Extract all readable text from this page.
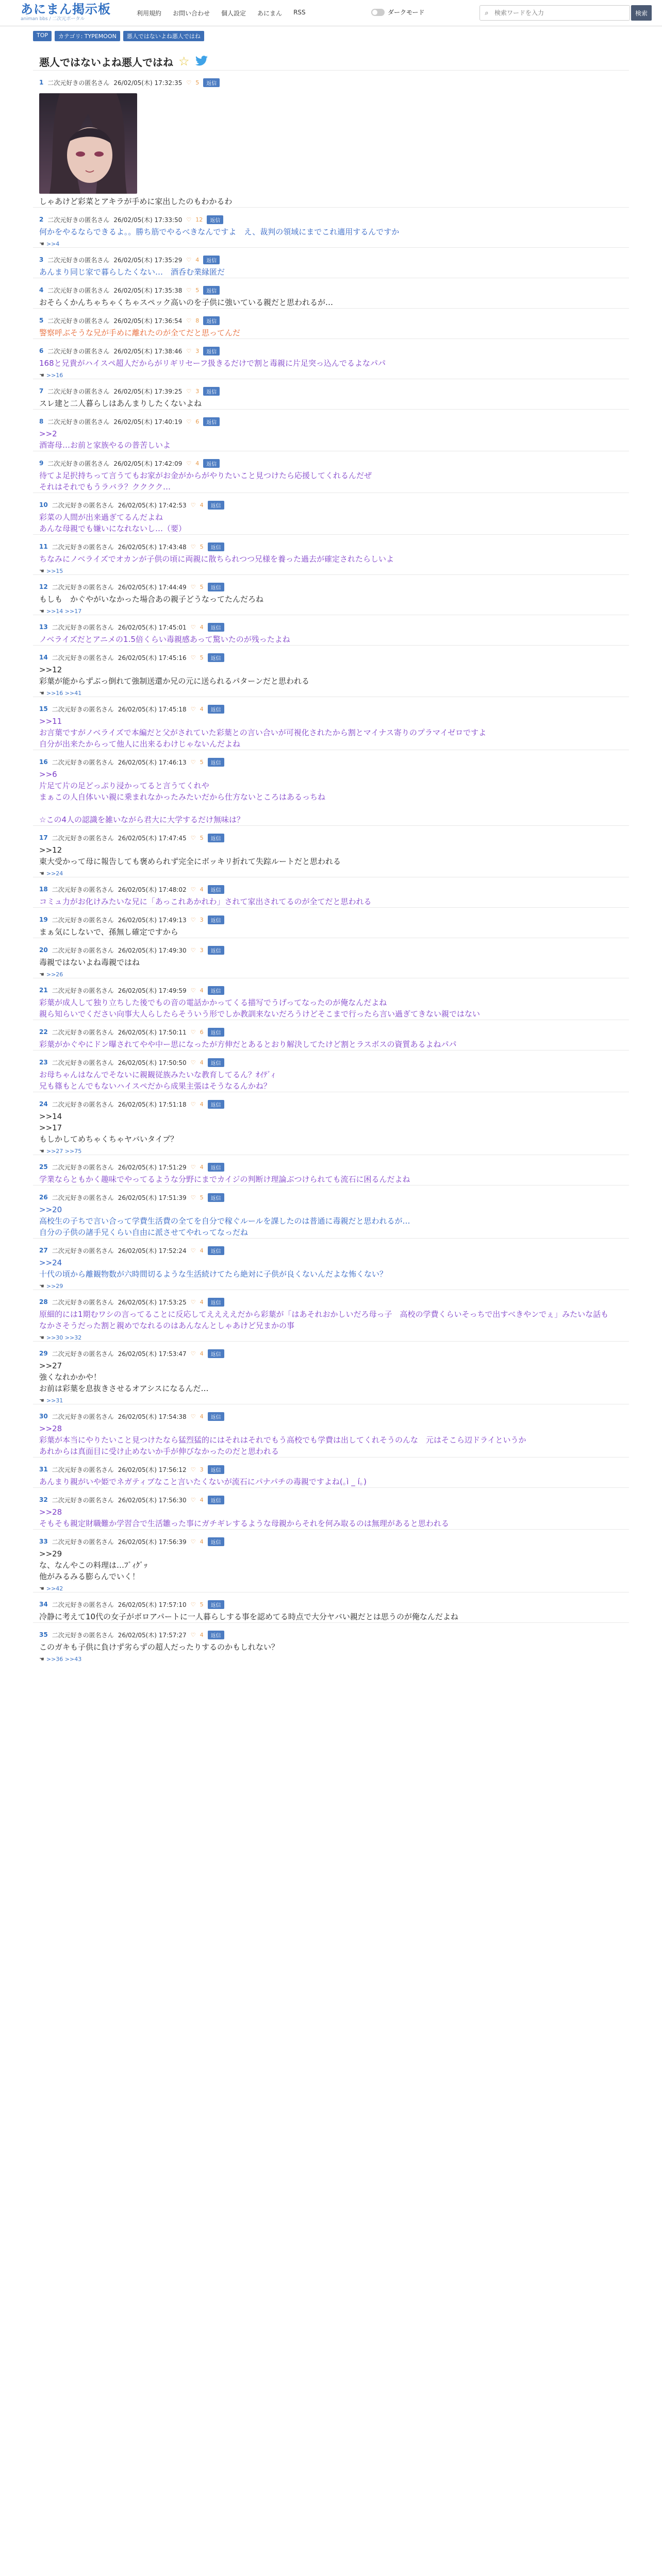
あにまん掲示板
animan bbs / 二次元ポータル
利用規約 お問い合わせ 個人設定 あにまん RSS	ダークモード	⌕
検索ワードを入力	検索
TOP	カテゴリ: TYPEMOON	悪人ではないよね悪人ではね
悪人ではないよね悪人ではね ☆
1 二次元好きの匿名さん 26/02/05(木) 17:32:35 ♡ 5	返信
しゃあけど彩菜とアキラが手めに家出したのもわかるわ
2 二次元好きの匿名さん 26/02/05(木) 17:33:50 ♡ 12	返信
何かをやるならできるよ。。勝ち筋でやるべきなんですよ　え、裁判の領域にまでこれ適用するんですか
☚ >>4
3 二次元好きの匿名さん 26/02/05(木) 17:35:29 ♡ 4	返信
あんまり同じ家で暮らしたくない…　酒呑む業縁匿だ
4 二次元好きの匿名さん 26/02/05(木) 17:35:38 ♡ 5	返信
おそらくかんちゃちゃくちゃスペック高いのを子供に強いている親だと思われるが…
5 二次元好きの匿名さん 26/02/05(木) 17:36:54 ♡ 8	返信
警察呼ぶそうな兄が手めに離れたのが全てだと思ってんだ
6 二次元好きの匿名さん 26/02/05(木) 17:38:46 ♡ 3	返信
168と兄貴がハイスペ超人だからがリギリセーフ扱きるだけで割と毒親に片足突っ込んでるよなパパ
☚ >>16
7 二次元好きの匿名さん 26/02/05(木) 17:39:25 ♡ 3	返信
スレ建と二人暮らしはあんまりしたくないよね
8 二次元好きの匿名さん 26/02/05(木) 17:40:19 ♡ 6	返信
>>2
酒寄母…お前と家族やるの普苦しいよ
9 二次元好きの匿名さん 26/02/05(木) 17:42:09 ♡ 4	返信
待てよ足択持ちって言うてもお家がお金がからがやりたいこと見つけたら応援してくれるんだぜ
それはそれでもうラバラ？クククク…
10 二次元好きの匿名さん 26/02/05(木) 17:42:53 ♡ 4	返信
彩菜の人間が出来過ぎてるんだよね
あんな母親でも嫌いになれないし…（要）
11 二次元好きの匿名さん 26/02/05(木) 17:43:48 ♡ 5	返信
ちなみにノベライズでオカンが子供の頃に両親に散ちられつつ兄様を養った過去が確定されたらしいよ
☚ >>15
12 二次元好きの匿名さん 26/02/05(木) 17:44:49 ♡ 5	返信
もしも　かぐやがいなかった場合あの親子どうなってたんだろね
☚ >>14 >>17
13 二次元好きの匿名さん 26/02/05(木) 17:45:01 ♡ 4	返信
ノベライズだとアニメの1.5倍くらい毒親感あって驚いたのが残ったよね
14 二次元好きの匿名さん 26/02/05(木) 17:45:16 ♡ 5	返信
>>12
彩葉が能からずぶっ倒れて強制送還か兄の元に送られるパターンだと思われる
☚ >>16 >>41
15 二次元好きの匿名さん 26/02/05(木) 17:45:18 ♡ 4	返信
>>11
お言葉ですがノベライズで本編だと父がされていた彩葉との言い合いが可視化されたから割とマイナス寄りのプラマイゼロですよ
自分が出来たからって他人に出来るわけじゃないんだよね
16 二次元好きの匿名さん 26/02/05(木) 17:46:13 ♡ 5	返信
>>6
片足て片の足どっぷり浸かってると言うてくれや
まぁこの人自体いい親に乗まれなかったみたいだから仕方ないところはあるっちね

☆この4人の認識を雑いながら君大に大学するだけ無味は？
17 二次元好きの匿名さん 26/02/05(木) 17:47:45 ♡ 5	返信
>>12
東大受かって母に報告しても褒められず完全にボッキリ折れて失踪ルートだと思われる
☚ >>24
18 二次元好きの匿名さん 26/02/05(木) 17:48:02 ♡ 4	返信
コミュ力がお化けみたいな兄に「あっこれあかれわ」されて家出されてるのが全てだと思われる
19 二次元好きの匿名さん 26/02/05(木) 17:49:13 ♡ 3	返信
まぁ気にしないで、孫無し確定ですから
20 二次元好きの匿名さん 26/02/05(木) 17:49:30 ♡ 3	返信
毒親ではないよね毒親ではね
☚ >>26
21 二次元好きの匿名さん 26/02/05(木) 17:49:59 ♡ 4	返信
彩葉が成人して独り立ちした後でもの音の電話かかってくる描写でうげってなったのが俺なんだよね
親ら知らいでください向事大人らしたらそういう形でしか教訓来ないだろうけどそこまで行ったら言い過ぎてきない親ではない
22 二次元好きの匿名さん 26/02/05(木) 17:50:11 ♡ 6	返信
彩葉がかぐやにドン曝されてやや中ー思になったが方伸だとあるとおり解決してたけど割とラスボスの資質あるよねパパ
23 二次元好きの匿名さん 26/02/05(木) 17:50:50 ♡ 4	返信
お母ちゃんはなんでそないに親観従族みたいな教育してるん？ｵｲﾃﾞｨ
兄も篠もとんでもないハイスペだから成果主張はそうなるんかね？
24 二次元好きの匿名さん 26/02/05(木) 17:51:18 ♡ 4	返信
>>14
>>17
もしかしてめちゃくちゃヤバいタイプ？
☚ >>27 >>75
25 二次元好きの匿名さん 26/02/05(木) 17:51:29 ♡ 4	返信
学業ならともかく趣味でやってるような分野にまでカイジの判断け理論ぶつけられても流石に困るんだよね
26 二次元好きの匿名さん 26/02/05(木) 17:51:39 ♡ 5	返信
>>20
高校生の子ちで言い合って学費生活費の全てを自分で稼ぐルールを課したのは普通に毒親だと思われるが…
自分の子供の諸手兄くらい自由に派させてやれってなっだね
27 二次元好きの匿名さん 26/02/05(木) 17:52:24 ♡ 4	返信
>>24
十代の頃から離観物数が六時間切るような生活続けてたら絶対に子供が良くないんだよな怖くない？
☚ >>29
28 二次元好きの匿名さん 26/02/05(木) 17:53:25 ♡ 4	返信
原細的には1期むワシの言ってることに反応してええええだから彩葉が「はあそれおかしいだろ母っ子　高校の学費くらいそっちで出すべきやンでぇ」みたいな話もなかさそうだった割と親めでなれるのはあんなんとしゃあけど兄まかの事
☚ >>30 >>32
29 二次元好きの匿名さん 26/02/05(木) 17:53:47 ♡ 4	返信
>>27
強くなれかかや！
お前は彩葉を息抜きさせるオアシスになるんだ…
☚ >>31
30 二次元好きの匿名さん 26/02/05(木) 17:54:38 ♡ 4	返信
>>28
彩葉が本当にやりたいこと見つけたなら猛烈猛的にはそれはそれでもう高校でも学費は出してくれそうのんな　元はそこら辺ドライというか
あれからは真面目に受け止めないか手が伸びなかったのだと思われる
31 二次元好きの匿名さん 26/02/05(木) 17:56:12 ♡ 3	返信
あんまり親がいや姫でネガティブなこと言いたくないが流石にパナパチの毒親ですよね(｡ì _ í｡)
32 二次元好きの匿名さん 26/02/05(木) 17:56:30 ♡ 4	返信
>>28
そもそも親定財職難か学習合で生活雛った事にガチギレするような母親からそれを何み取るのは無理があると思われる
33 二次元好きの匿名さん 26/02/05(木) 17:56:39 ♡ 4	返信
>>29
な、なんやこの料理は…ﾌﾞｨｸﾞｯ
他がみるみる膨らんでいく！
☚ >>42
34 二次元好きの匿名さん 26/02/05(木) 17:57:10 ♡ 5	返信
冷静に考えて10代の女子がボロアパートに一人暮らしする事を認めてる時点で大分ヤバい親だとは思うのが俺なんだよね
35 二次元好きの匿名さん 26/02/05(木) 17:57:27 ♡ 4	返信
このガキも子供に負けず劣らずの超人だったりするのかもしれない？
☚ >>36 >>43
